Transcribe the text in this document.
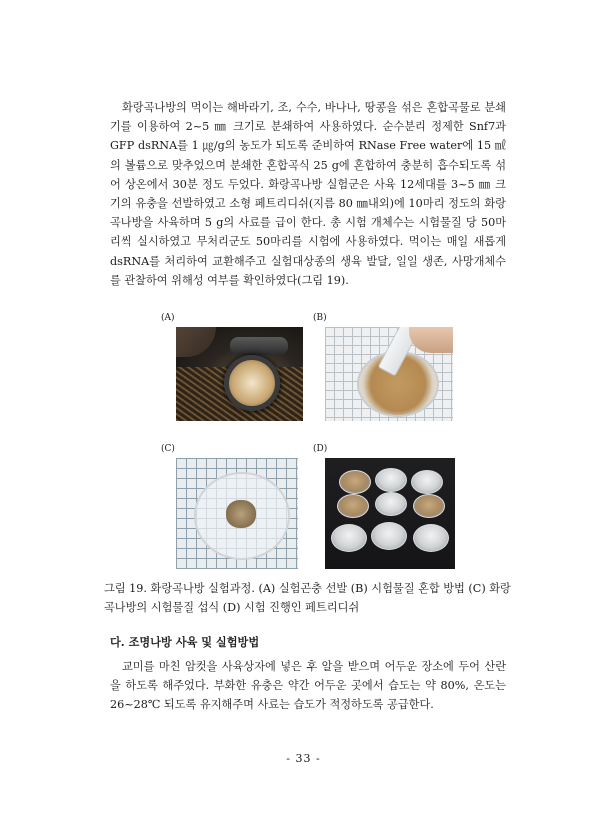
화랑곡나방의 먹이는 해바라기, 조, 수수, 바나나, 땅콩을 섞은 혼합곡물로 분쇄기를 이용하여 2~5 ㎜ 크기로 분쇄하여 사용하였다. 순수분리 정제한 Snf7과 GFP dsRNA를 1 ㎍/g의 농도가 되도록 준비하여 RNase Free water에 15 ㎖의 볼륨으로 맞추었으며 분쇄한 혼합곡식 25 g에 혼합하여 충분히 흡수되도록 섞어 상온에서 30분 정도 두었다. 화랑곡나방 실험군은 사육 12세대를 3~5 ㎜ 크기의 유충을 선발하였고 소형 페트리디쉬(지름 80 ㎜내외)에 10마리 정도의 화랑곡나방을 사육하며 5 g의 사료를 급이 한다. 총 시험 개체수는 시험물질 당 50마리씩 실시하였고 무처리군도 50마리를 시험에 사용하였다. 먹이는 매일 새롭게 dsRNA를 처리하여 교환해주고 실험대상종의 생육 발달, 일일 생존, 사망개체수를 관찰하여 위해성 여부를 확인하였다(그림 19).

(A)	(B)
(C)	(D)

그림 19. 화랑곡나방 실험과정. (A) 실험곤충 선발 (B) 시험물질 혼합 방법 (C) 화랑곡나방의 시험물질 섭식 (D) 시험 진행인 페트리디쉬

다. 조명나방 사육 및 실험방법

교미를 마친 암컷을 사육상자에 넣은 후 알을 받으며 어두운 장소에 두어 산란을 하도록 해주었다. 부화한 유충은 약간 어두운 곳에서 습도는 약 80%, 온도는 26~28℃ 되도록 유지해주며 사료는 습도가 적정하도록 공급한다.

- 33 -
